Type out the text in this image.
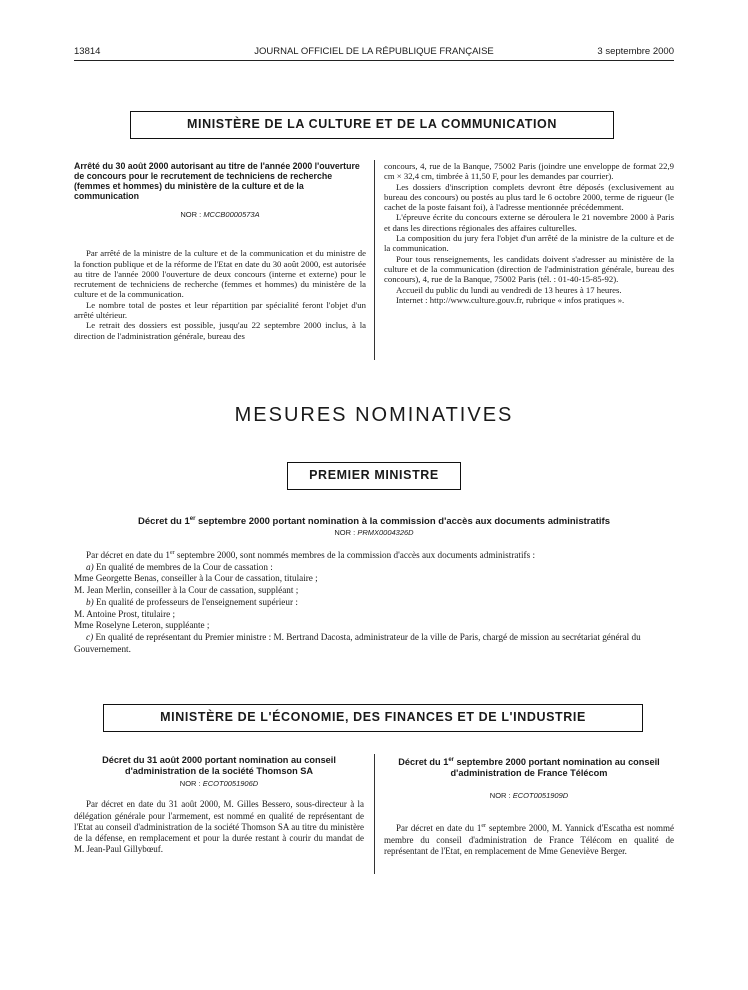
13814	JOURNAL OFFICIEL DE LA RÉPUBLIQUE FRANÇAISE	3 septembre 2000
MINISTÈRE DE LA CULTURE ET DE LA COMMUNICATION
Arrêté du 30 août 2000 autorisant au titre de l'année 2000 l'ouverture de concours pour le recrutement de techniciens de recherche (femmes et hommes) du ministère de la culture et de la communication
NOR : MCCB0000573A

Par arrêté de la ministre de la culture et de la communication et du ministre de la fonction publique et de la réforme de l'Etat en date du 30 août 2000, est autorisée au titre de l'année 2000 l'ouverture de deux concours (interne et externe) pour le recrutement de techniciens de recherche (femmes et hommes) du ministère de la culture et de la communication.

Le nombre total de postes et leur répartition par spécialité feront l'objet d'un arrêté ultérieur.

Le retrait des dossiers est possible, jusqu'au 22 septembre 2000 inclus, à la direction de l'administration générale, bureau des

concours, 4, rue de la Banque, 75002 Paris (joindre une enveloppe de format 22,9 cm × 32,4 cm, timbrée à 11,50 F, pour les demandes par courrier).

Les dossiers d'inscription complets devront être déposés (exclusivement au bureau des concours) ou postés au plus tard le 6 octobre 2000, terme de rigueur (le cachet de la poste faisant foi), à l'adresse mentionnée précédemment.

L'épreuve écrite du concours externe se déroulera le 21 novembre 2000 à Paris et dans les directions régionales des affaires culturelles.

La composition du jury fera l'objet d'un arrêté de la ministre de la culture et de la communication.

Pour tous renseignements, les candidats doivent s'adresser au ministère de la culture et de la communication (direction de l'administration générale, bureau des concours), 4, rue de la Banque, 75002 Paris (tél. : 01-40-15-85-92).

Accueil du public du lundi au vendredi de 13 heures à 17 heures.

Internet : http://www.culture.gouv.fr, rubrique « infos pratiques ».

MESURES NOMINATIVES
PREMIER MINISTRE
Décret du 1er septembre 2000 portant nomination à la commission d'accès aux documents administratifs
NOR : PRMX0004326D

Par décret en date du 1er septembre 2000, sont nommés membres de la commission d'accès aux documents administratifs :

a) En qualité de membres de la Cour de cassation :

Mme Georgette Benas, conseiller à la Cour de cassation, titulaire ;

M. Jean Merlin, conseiller à la Cour de cassation, suppléant ;

b) En qualité de professeurs de l'enseignement supérieur :

M. Antoine Prost, titulaire ;

Mme Roselyne Leteron, suppléante ;

c) En qualité de représentant du Premier ministre : M. Bertrand Dacosta, administrateur de la ville de Paris, chargé de mission au secrétariat général du Gouvernement.

MINISTÈRE DE L'ÉCONOMIE, DES FINANCES ET DE L'INDUSTRIE
Décret du 31 août 2000 portant nomination au conseil d'administration de la société Thomson SA
NOR : ECOT0051906D

Par décret en date du 31 août 2000, M. Gilles Bessero, sous-directeur à la délégation générale pour l'armement, est nommé en qualité de représentant de l'Etat au conseil d'administration de la société Thomson SA au titre du ministère de la défense, en remplacement et pour la durée restant à courir du mandat de M. Jean-Paul Gillybœuf.

Décret du 1er septembre 2000 portant nomination au conseil d'administration de France Télécom
NOR : ECOT0051909D

Par décret en date du 1er septembre 2000, M. Yannick d'Escatha est nommé membre du conseil d'administration de France Télécom en qualité de représentant de l'Etat, en remplacement de Mme Geneviève Berger.
